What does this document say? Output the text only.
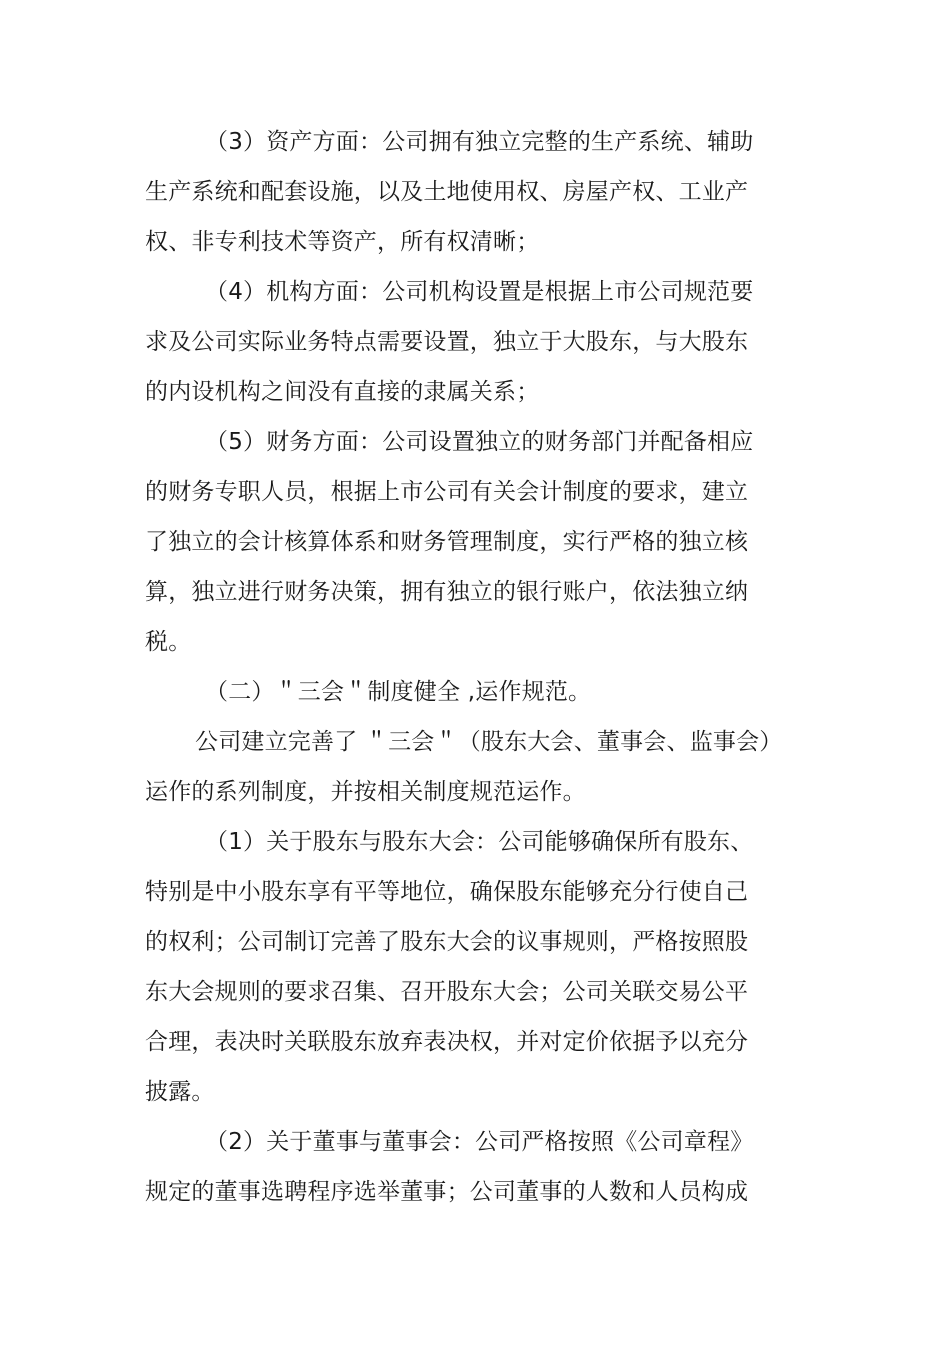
（3）资产方面：公司拥有独立完整的生产系统、辅助
生产系统和配套设施，以及土地使用权、房屋产权、工业产
权、非专利技术等资产，所有权清晰；
（4）机构方面：公司机构设置是根据上市公司规范要
求及公司实际业务特点需要设置，独立于大股东，与大股东
的内设机构之间没有直接的隶属关系；
（5）财务方面：公司设置独立的财务部门并配备相应
的财务专职人员，根据上市公司有关会计制度的要求，建立
了独立的会计核算体系和财务管理制度，实行严格的独立核
算，独立进行财务决策，拥有独立的银行账户，依法独立纳
税。
（二）＂三会＂制度健全 ,运作规范。
公司建立完善了 ＂三会＂（股东大会、董事会、监事会）
运作的系列制度，并按相关制度规范运作。
（1）关于股东与股东大会：公司能够确保所有股东、
特别是中小股东享有平等地位，确保股东能够充分行使自己
的权利；公司制订完善了股东大会的议事规则，严格按照股
东大会规则的要求召集、召开股东大会；公司关联交易公平
合理，表决时关联股东放弃表决权，并对定价依据予以充分
披露。
（2）关于董事与董事会：公司严格按照《公司章程》
规定的董事选聘程序选举董事；公司董事的人数和人员构成
